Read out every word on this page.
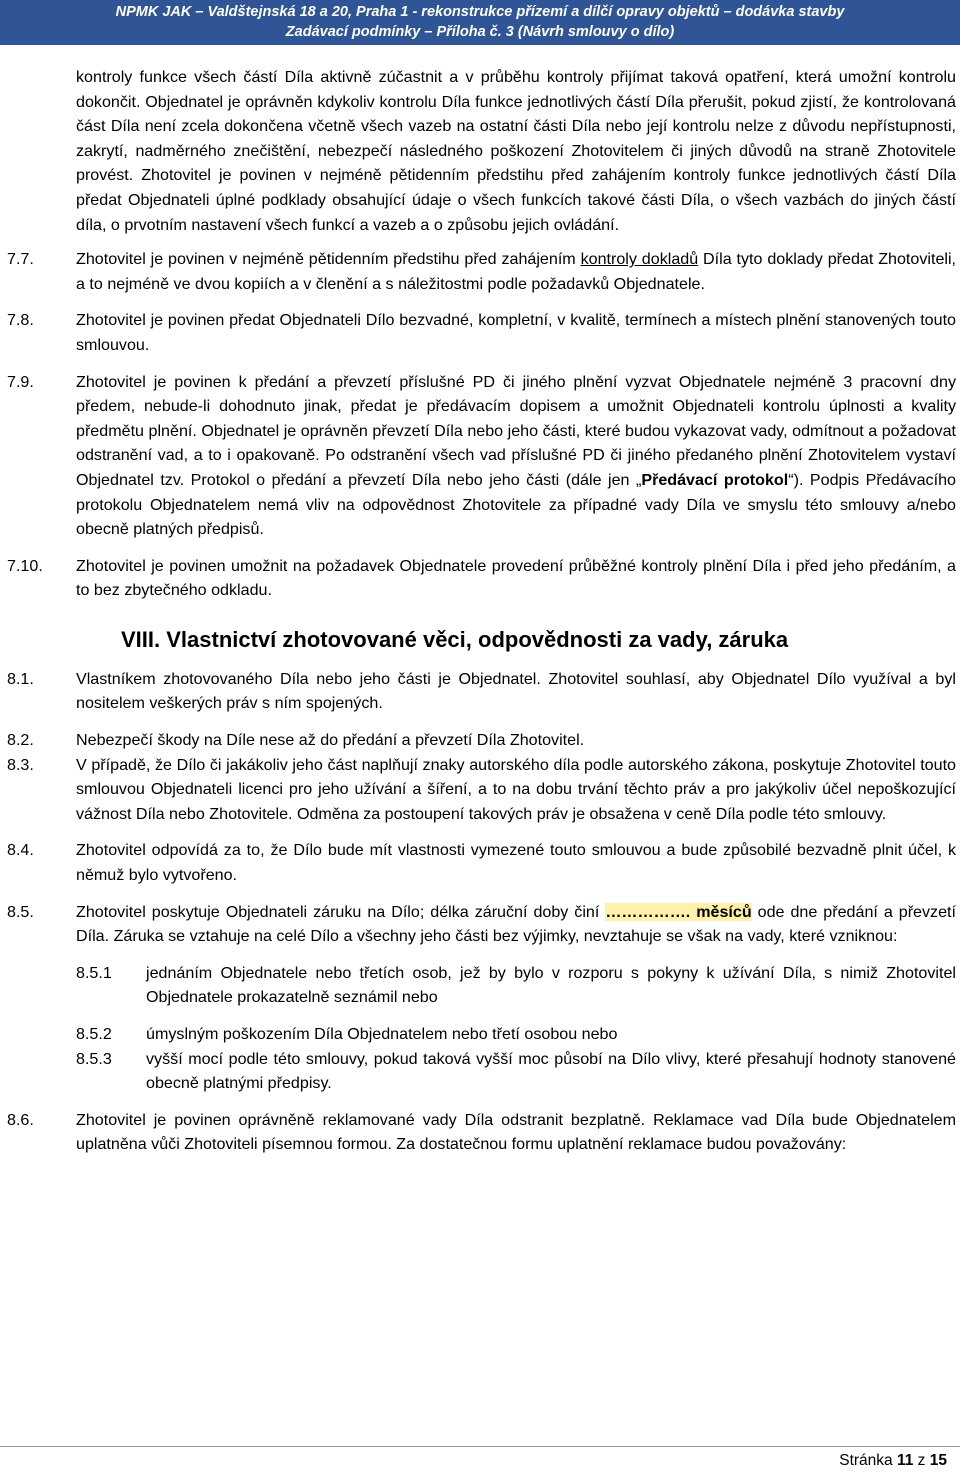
NPMK JAK – Valdštejnská 18 a 20, Praha 1 - rekonstrukce přízemí a dílčí opravy objektů – dodávka stavby
Zadávací podmínky – Příloha č. 3 (Návrh smlouvy o dílo)
kontroly funkce všech částí Díla aktivně zúčastnit a v průběhu kontroly přijímat taková opatření, která umožní kontrolu dokončit. Objednatel je oprávněn kdykoliv kontrolu Díla funkce jednotlivých částí Díla přerušit, pokud zjistí, že kontrolovaná část Díla není zcela dokončena včetně všech vazeb na ostatní části Díla nebo její kontrolu nelze z důvodu nepřístupnosti, zakrytí, nadměrného znečištění, nebezpečí následného poškození Zhotovitelem či jiných důvodů na straně Zhotovitele provést. Zhotovitel je povinen v nejméně pětidenním předstihu před zahájením kontroly funkce jednotlivých částí Díla předat Objednateli úplné podklady obsahující údaje o všech funkcích takové části Díla, o všech vazbách do jiných částí díla, o prvotním nastavení všech funkcí a vazeb a o způsobu jejich ovládání.
7.7.	Zhotovitel je povinen v nejméně pětidenním předstihu před zahájením kontroly dokladů Díla tyto doklady předat Zhotoviteli, a to nejméně ve dvou kopiích a v členění a s náležitostmi podle požadavků Objednatele.
7.8.	Zhotovitel je povinen předat Objednateli Dílo bezvadné, kompletní, v kvalitě, termínech a místech plnění stanovených touto smlouvou.
7.9.	Zhotovitel je povinen k předání a převzetí příslušné PD či jiného plnění vyzvat Objednatele nejméně 3 pracovní dny předem, nebude-li dohodnuto jinak, předat je předávacím dopisem a umožnit Objednateli kontrolu úplnosti a kvality předmětu plnění. Objednatel je oprávněn převzetí Díla nebo jeho části, které budou vykazovat vady, odmítnout a požadovat odstranění vad, a to i opakovaně. Po odstranění všech vad příslušné PD či jiného předaného plnění Zhotovitelem vystaví Objednatel tzv. Protokol o předání a převzetí Díla nebo jeho části (dále jen „Předávací protokol“). Podpis Předávacího protokolu Objednatelem nemá vliv na odpovědnost Zhotovitele za případné vady Díla ve smyslu této smlouvy a/nebo obecně platných předpisů.
7.10. Zhotovitel je povinen umožnit na požadavek Objednatele provedení průběžné kontroly plnění Díla i před jeho předáním, a to bez zbytečného odkladu.
VIII. Vlastnictví zhotovované věci, odpovědnosti za vady, záruka
8.1.	Vlastníkem zhotovovaného Díla nebo jeho části je Objednatel. Zhotovitel souhlasí, aby Objednatel Dílo využíval a byl nositelem veškerých práv s ním spojených.
8.2.	Nebezpečí škody na Díle nese až do předání a převzetí Díla Zhotovitel.
8.3.	V případě, že Dílo či jakákoliv jeho část naplňují znaky autorského díla podle autorského zákona, poskytuje Zhotovitel touto smlouvou Objednateli licenci pro jeho užívání a šíření, a to na dobu trvání těchto práv a pro jakýkoliv účel nepoškozující vážnost Díla nebo Zhotovitele. Odměna za postoupení takových práv je obsažena v ceně Díla podle této smlouvy.
8.4.	Zhotovitel odpovídá za to, že Dílo bude mít vlastnosti vymezené touto smlouvou a bude způsobilé bezvadně plnit účel, k němuž bylo vytvořeno.
8.5.	Zhotovitel poskytuje Objednateli záruku na Dílo; délka záruční doby činí ……………. měsíců ode dne předání a převzetí Díla. Záruka se vztahuje na celé Dílo a všechny jeho části bez výjimky, nevztahuje se však na vady, které vzniknou:
8.5.1 jednáním Objednatele nebo třetích osob, jež by bylo v rozporu s pokyny k užívání Díla, s nimiž Zhotovitel Objednatele prokazatelně seznámil nebo
8.5.2 úmyslným poškozením Díla Objednatelem nebo třetí osobou nebo
8.5.3 vyšší mocí podle této smlouvy, pokud taková vyšší moc působí na Dílo vlivy, které přesahují hodnoty stanovené obecně platnými předpisy.
8.6.	Zhotovitel je povinen oprávněně reklamované vady Díla odstranit bezplatně. Reklamace vad Díla bude Objednatelem uplatněna vůči Zhotoviteli písemnou formou. Za dostatečnou formu uplatnění reklamace budou považovány:
Stránka 11 z 15
